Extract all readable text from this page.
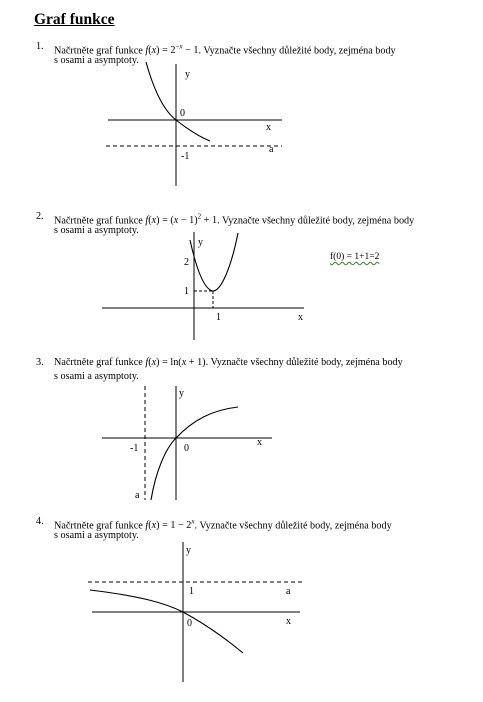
Graf funkce
1. Načrtněte graf funkce $f(x) = 2^{-x} - 1$. Vyznačte všechny důležité body, zejména body
s osami a asymptoty.
y
x
0
-1
a
y
2
1
1	x
y
x
0
-1
a
y
x
0
1	a
2. Načrtněte graf funkce $f(x) = (x - 1)^2 + 1$. Vyznačte všechny důležité body, zejména body
s osami a asymptoty.
f(0) = 1+1=2
3. Načrtněte graf funkce f(x) = ln(x + 1). Vyznačte všechny důležité body, zejména body
s osami a asymptoty.
4. Načrtněte graf funkce $f(x) = 1 - 2^x$. Vyznačte všechny důležité body, zejména body
s osami a asymptoty.
